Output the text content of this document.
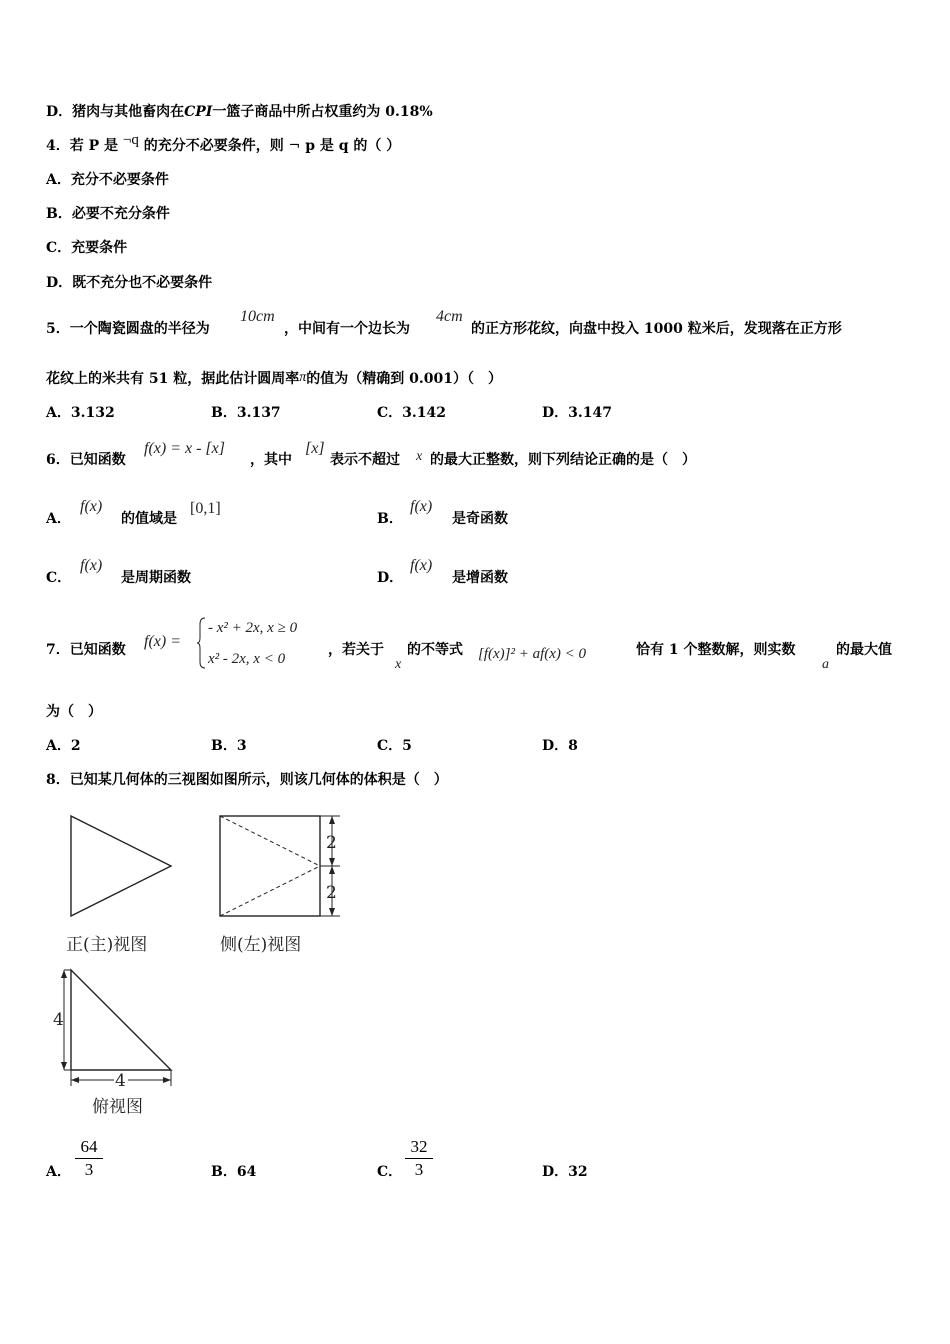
D．猪肉与其他畜肉在CPI一篮子商品中所占权重约为 0.18%
4．若 P 是 ¬q 的充分不必要条件，则 ¬ p 是 q 的（ ）
A．充分不必要条件
B．必要不充分条件
C．充要条件
D．既不充分也不必要条件
5．一个陶瓷圆盘的半径为
10cm
，中间有一个边长为
4cm
的正方形花纹，向盘中投入 1000 粒米后，发现落在正方形
花纹上的米共有 51 粒，据此估计圆周率π的值为（精确到 0.001）（　）
A．3.132	B．3.137	C．3.142	D．3.147
6．已知函数
f(x) = x - [x]
，其中
[x]
表示不超过 x 的最大正整数，则下列结论正确的是（　）
A．
f(x)
的值域是
[0,1]
B．
f(x)
是奇函数
C．
f(x)
是周期函数	D．
f(x)
是增函数
7．已知函数 f(x) =
- x² + 2x, x ≥ 0
x² - 2x, x < 0
，若关于
x
的不等式 [f(x)]² + af(x) < 0	恰有 1 个整数解，则实数
a
的最大值
为（　）
A．2	B．3	C．5	D．8
8．已知某几何体的三视图如图所示，则该几何体的体积是（　）
正(主)视图
2
2
侧(左)视图
4
4
俯视图
A．
64
3	B．64	C．
32
3	D．32
